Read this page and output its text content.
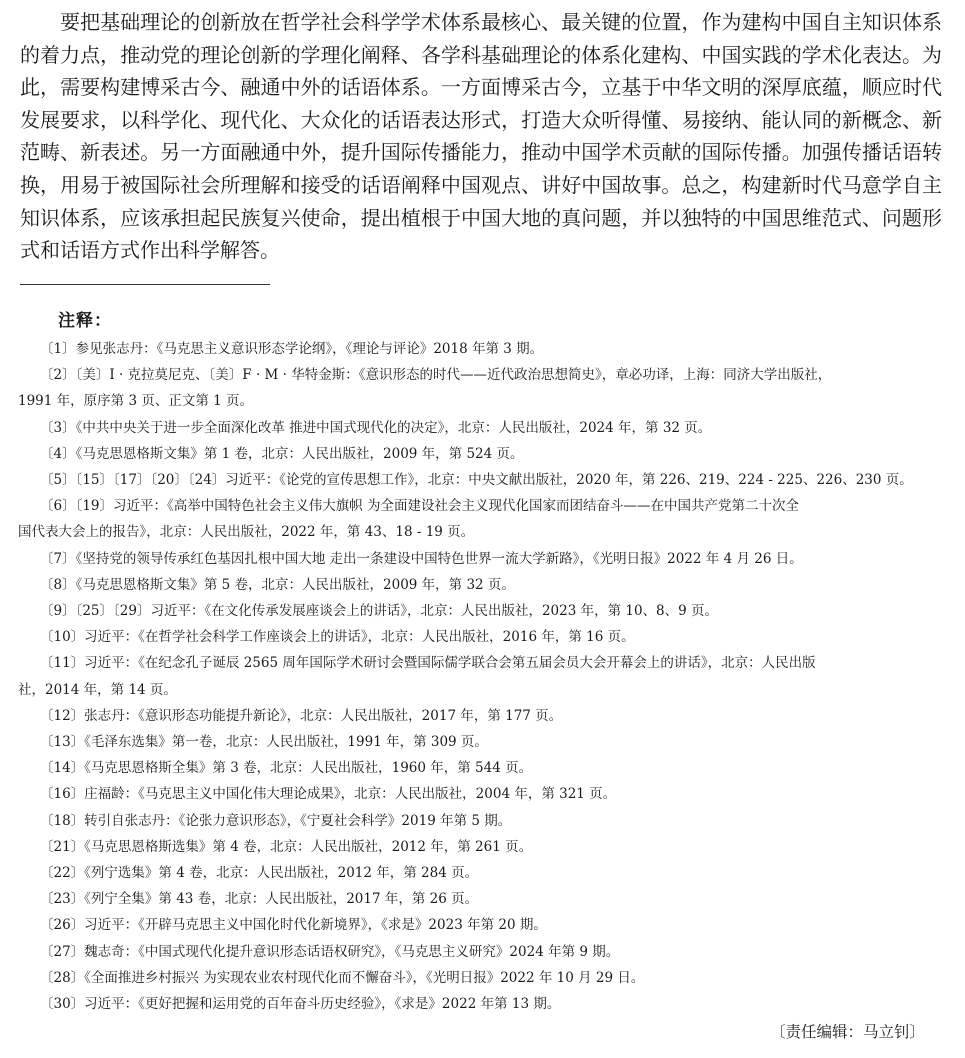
要把基础理论的创新放在哲学社会科学学术体系最核心、最关键的位置，作为建构中国自主知识体系的着力点，推动党的理论创新的学理化阐释、各学科基础理论的体系化建构、中国实践的学术化表达。为此，需要构建博采古今、融通中外的话语体系。一方面博采古今，立基于中华文明的深厚底蕴，顺应时代发展要求，以科学化、现代化、大众化的话语表达形式，打造大众听得懂、易接纳、能认同的新概念、新范畴、新表述。另一方面融通中外，提升国际传播能力，推动中国学术贡献的国际传播。加强传播话语转换，用易于被国际社会所理解和接受的话语阐释中国观点、讲好中国故事。总之，构建新时代马意学自主知识体系，应该承担起民族复兴使命，提出植根于中国大地的真问题，并以独特的中国思维范式、问题形式和话语方式作出科学解答。

注释：

〔1〕参见张志丹：《马克思主义意识形态学论纲》，《理论与评论》2018 年第 3 期。

〔2〕〔美〕I · 克拉莫尼克、〔美〕F · M · 华特金斯：《意识形态的时代——近代政治思想简史》，章必功译，上海：同济大学出版社，
1991 年，原序第 3 页、正文第 1 页。

〔3〕《中共中央关于进一步全面深化改革 推进中国式现代化的决定》，北京：人民出版社，2024 年，第 32 页。

〔4〕《马克思恩格斯文集》第 1 卷，北京：人民出版社，2009 年，第 524 页。

〔5〕〔15〕〔17〕〔20〕〔24〕习近平：《论党的宣传思想工作》，北京：中央文献出版社，2020 年，第 226、219、224 - 225、226、230 页。

〔6〕〔19〕习近平：《高举中国特色社会主义伟大旗帜 为全面建设社会主义现代化国家而团结奋斗——在中国共产党第二十次全
国代表大会上的报告》，北京：人民出版社，2022 年，第 43、18 - 19 页。

〔7〕《坚持党的领导传承红色基因扎根中国大地 走出一条建设中国特色世界一流大学新路》，《光明日报》2022 年 4 月 26 日。

〔8〕《马克思恩格斯文集》第 5 卷，北京：人民出版社，2009 年，第 32 页。

〔9〕〔25〕〔29〕习近平：《在文化传承发展座谈会上的讲话》，北京：人民出版社，2023 年，第 10、8、9 页。

〔10〕习近平：《在哲学社会科学工作座谈会上的讲话》，北京：人民出版社，2016 年，第 16 页。

〔11〕习近平：《在纪念孔子诞辰 2565 周年国际学术研讨会暨国际儒学联合会第五届会员大会开幕会上的讲话》，北京：人民出版
社，2014 年，第 14 页。

〔12〕张志丹：《意识形态功能提升新论》，北京：人民出版社，2017 年，第 177 页。

〔13〕《毛泽东选集》第一卷，北京：人民出版社，1991 年，第 309 页。

〔14〕《马克思恩格斯全集》第 3 卷，北京：人民出版社，1960 年，第 544 页。

〔16〕庄福龄：《马克思主义中国化伟大理论成果》，北京：人民出版社，2004 年，第 321 页。

〔18〕转引自张志丹：《论张力意识形态》，《宁夏社会科学》2019 年第 5 期。

〔21〕《马克思恩格斯选集》第 4 卷，北京：人民出版社，2012 年，第 261 页。

〔22〕《列宁选集》第 4 卷，北京：人民出版社，2012 年，第 284 页。

〔23〕《列宁全集》第 43 卷，北京：人民出版社，2017 年，第 26 页。

〔26〕习近平：《开辟马克思主义中国化时代化新境界》，《求是》2023 年第 20 期。

〔27〕魏志奇：《中国式现代化提升意识形态话语权研究》，《马克思主义研究》2024 年第 9 期。

〔28〕《全面推进乡村振兴 为实现农业农村现代化而不懈奋斗》，《光明日报》2022 年 10 月 29 日。

〔30〕习近平：《更好把握和运用党的百年奋斗历史经验》，《求是》2022 年第 13 期。

〔责任编辑：马立钊〕
